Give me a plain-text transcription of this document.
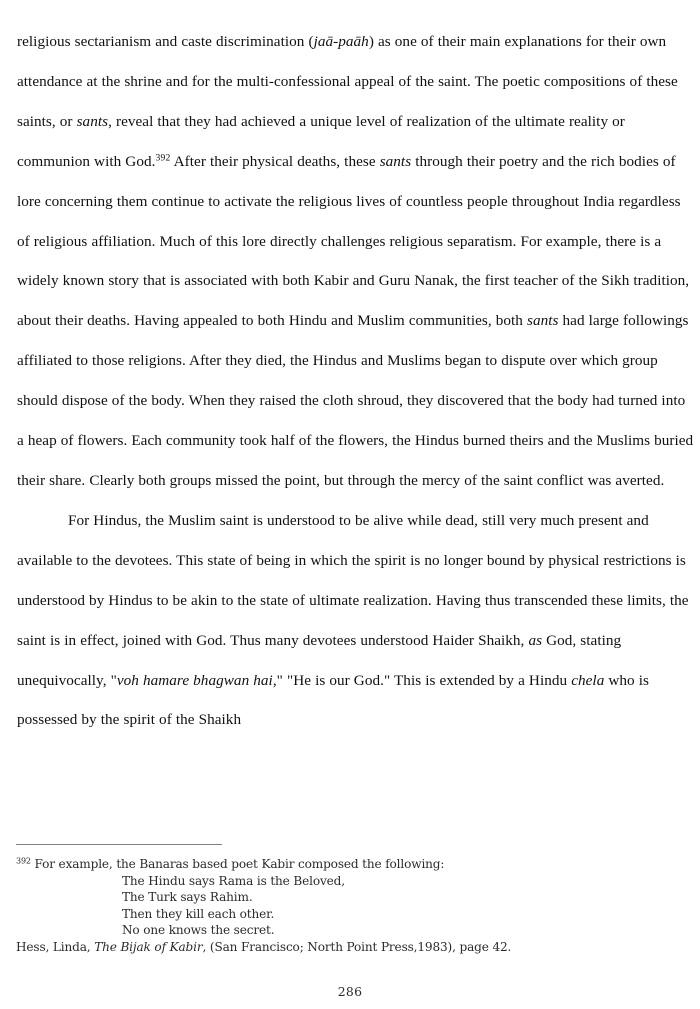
religious sectarianism and caste discrimination (jaā-paāh) as one of their main explanations for their own attendance at the shrine and for the multi-confessional appeal of the saint. The poetic compositions of these saints, or sants, reveal that they had achieved a unique level of realization of the ultimate reality or communion with God.$^{392}$ After their physical deaths, these sants through their poetry and the rich bodies of lore concerning them continue to activate the religious lives of countless people throughout India regardless of religious affiliation. Much of this lore directly challenges religious separatism. For example, there is a widely known story that is associated with both Kabir and Guru Nanak, the first teacher of the Sikh tradition, about their deaths. Having appealed to both Hindu and Muslim communities, both sants had large followings affiliated to those religions. After they died, the Hindus and Muslims began to dispute over which group should dispose of the body. When they raised the cloth shroud, they discovered that the body had turned into a heap of flowers. Each community took half of the flowers, the Hindus burned theirs and the Muslims buried their share. Clearly both groups missed the point, but through the mercy of the saint conflict was averted.

For Hindus, the Muslim saint is understood to be alive while dead, still very much present and available to the devotees. This state of being in which the spirit is no longer bound by physical restrictions is understood by Hindus to be akin to the state of ultimate realization. Having thus transcended these limits, the saint is in effect, joined with God. Thus many devotees understood Haider Shaikh, as God, stating unequivocally, "voh hamare bhagwan hai," "He is our God." This is extended by a Hindu chela who is possessed by the spirit of the Shaikh

$^{392}$ For example, the Banaras based poet Kabir composed the following:

The Hindu says Rama is the Beloved,

The Turk says Rahim.

Then they kill each other.

No one knows the secret.

Hess, Linda, The Bijak of Kabir, (San Francisco; North Point Press,1983), page 42.

286
